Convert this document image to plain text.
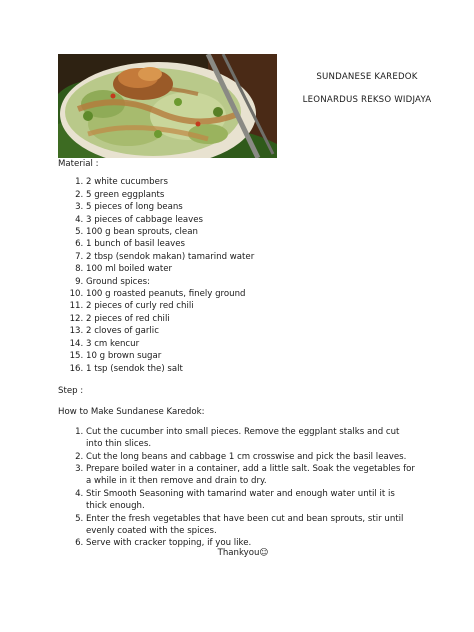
SUNDANESE KAREDOK
LEONARDUS REKSO WIDJAYA

Material :

1. 2 white cucumbers
2. 5 green eggplants
3. 5 pieces of long beans
4. 3 pieces of cabbage leaves
5. 100 g bean sprouts, clean
6. 1 bunch of basil leaves
7. 2 tbsp (sendok makan) tamarind water
8. 100 ml boiled water
9. Ground spices:
10. 100 g roasted peanuts, finely ground
11. 2 pieces of curly red chili
12. 2 pieces of red chili
13. 2 cloves of garlic
14. 3 cm kencur
15. 10 g brown sugar
16. 1 tsp (sendok the) salt

Step :

How to Make Sundanese Karedok:

1. Cut the cucumber into small pieces. Remove the eggplant stalks and cut into thin slices.
2. Cut the long beans and cabbage 1 cm crosswise and pick the basil leaves.
3. Prepare boiled water in a container, add a little salt. Soak the vegetables for a while in it then remove and drain to dry.
4. Stir Smooth Seasoning with tamarind water and enough water until it is thick enough.
5. Enter the fresh vegetables that have been cut and bean sprouts, stir until evenly coated with the spices.
6. Serve with cracker topping, if you like.
Thankyou☺
